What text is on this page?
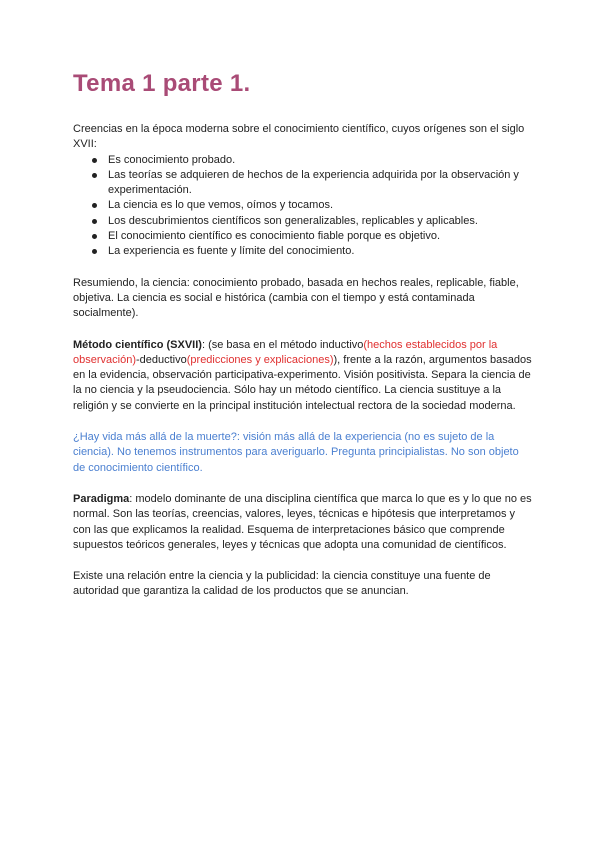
Tema 1 parte 1.

Creencias en la época moderna sobre el conocimiento científico, cuyos orígenes son el siglo XVII:

Es conocimiento probado.
Las teorías se adquieren de hechos de la experiencia adquirida por la observación y experimentación.
La ciencia es lo que vemos, oímos y tocamos.
Los descubrimientos científicos son generalizables, replicables y aplicables.
El conocimiento científico es conocimiento fiable porque es objetivo.
La experiencia es fuente y límite del conocimiento.

Resumiendo, la ciencia: conocimiento probado, basada en hechos reales, replicable, fiable, objetiva. La ciencia es social e histórica (cambia con el tiempo y está contaminada socialmente).

Método científico (SXVII): (se basa en el método inductivo(hechos establecidos por la observación)-deductivo(predicciones y explicaciones)), frente a la razón, argumentos basados en la evidencia, observación participativa-experimento. Visión positivista. Separa la ciencia de la no ciencia y la pseudociencia. Sólo hay un método científico. La ciencia sustituye a la religión y se convierte en la principal institución intelectual rectora de la sociedad moderna.

¿Hay vida más allá de la muerte?: visión más allá de la experiencia (no es sujeto de la ciencia). No tenemos instrumentos para averiguarlo. Pregunta principialistas. No son objeto de conocimiento científico.

Paradigma: modelo dominante de una disciplina científica que marca lo que es y lo que no es normal. Son las teorías, creencias, valores, leyes, técnicas e hipótesis que interpretamos y con las que explicamos la realidad. Esquema de interpretaciones básico que comprende supuestos teóricos generales, leyes y técnicas que adopta una comunidad de científicos.

Existe una relación entre la ciencia y la publicidad: la ciencia constituye una fuente de autoridad que garantiza la calidad de los productos que se anuncian.
